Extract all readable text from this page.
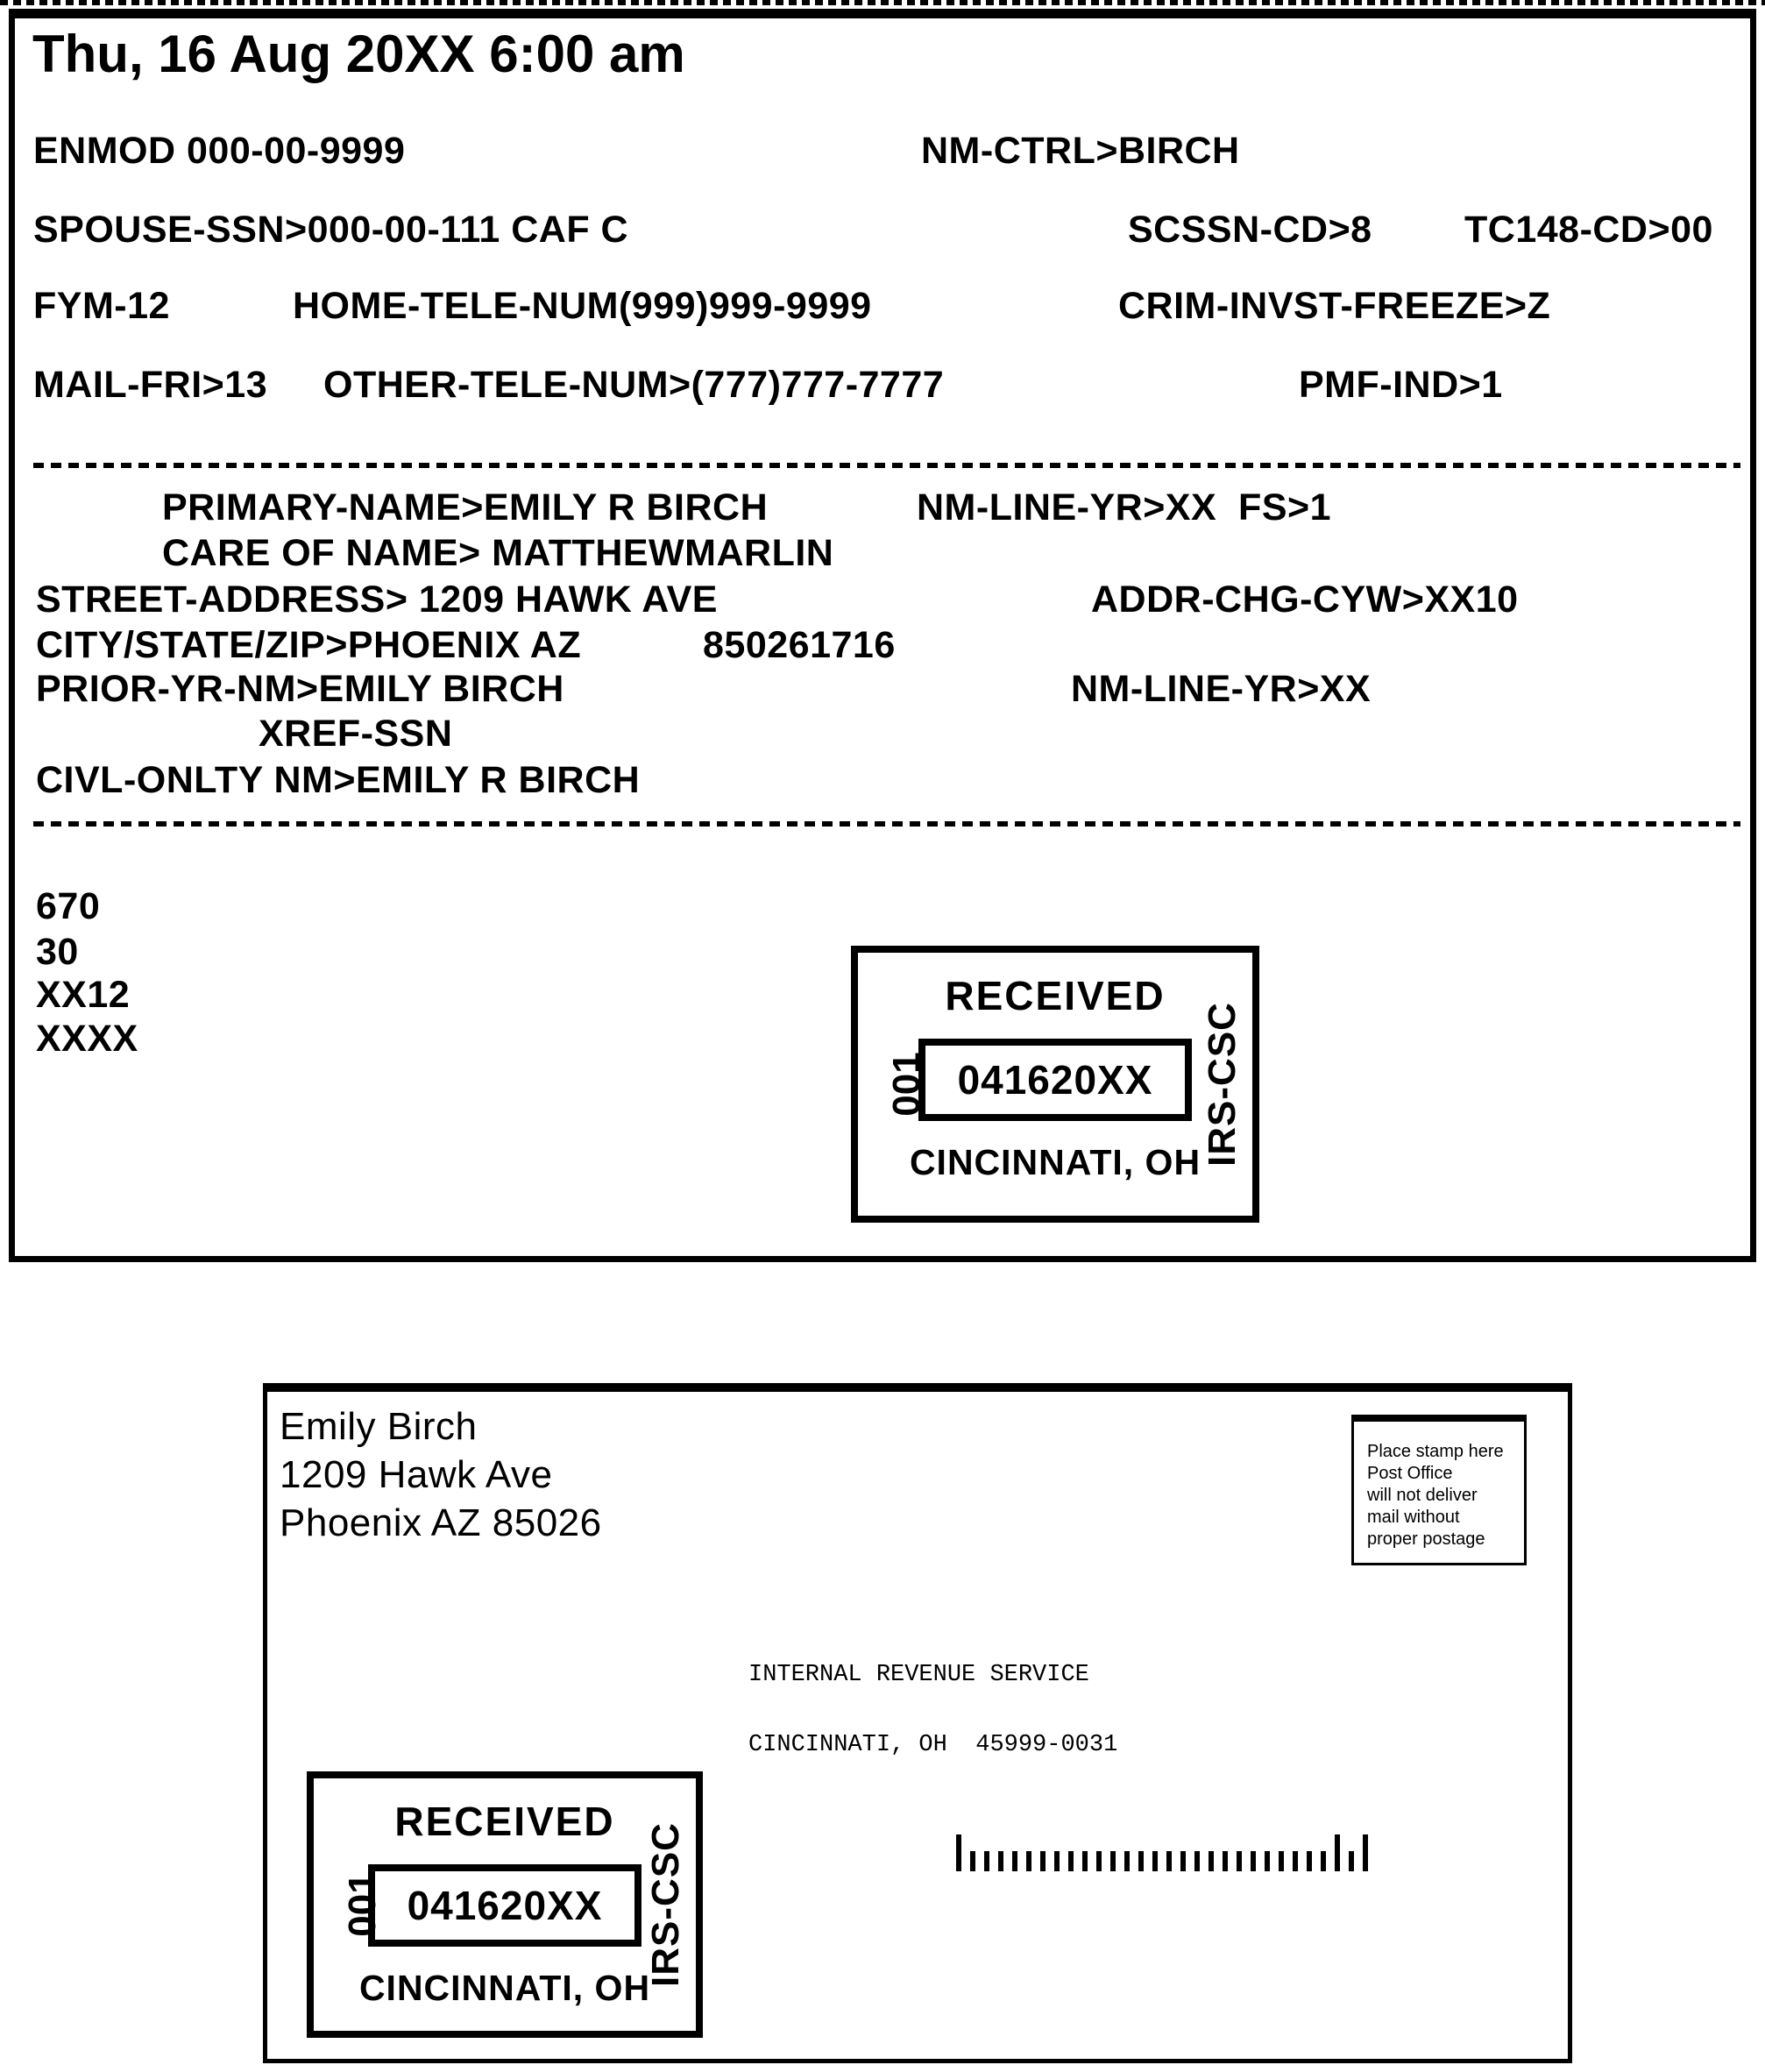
Thu, 16 Aug 20XX 6:00 am
ENMOD 000-00-9999	NM-CTRL>BIRCH
SPOUSE-SSN>000-00-111 CAF C	SCSSN-CD>8 TC148-CD>00
FYM-12	HOME-TELE-NUM(999)999-9999	CRIM-INVST-FREEZE>Z
MAIL-FRI>13 OTHER-TELE-NUM>(777)777-7777	PMF-IND>1
PRIMARY-NAME>EMILY R BIRCH	NM-LINE-YR>XX  FS>1
CARE OF NAME> MATTHEWMARLIN
STREET-ADDRESS> 1209 HAWK AVE	ADDR-CHG-CYW>XX10
CITY/STATE/ZIP>PHOENIX AZ	850261716
PRIOR-YR-NM>EMILY BIRCH	NM-LINE-YR>XX
XREF-SSN
CIVL-ONLTY NM>EMILY R BIRCH
670
30
XX12
XXXX
RECEIVED
001 041620XX
CINCINNATI, OH IRS-CSC
Emily Birch
1209 Hawk Ave
Phoenix AZ 85026
Place stamp here
Post Office
will not deliver
mail without
proper postage
INTERNAL REVENUE SERVICE
CINCINNATI, OH  45999-0031
RECEIVED
001 041620XX
CINCINNATI, OH
IRS-CSC
